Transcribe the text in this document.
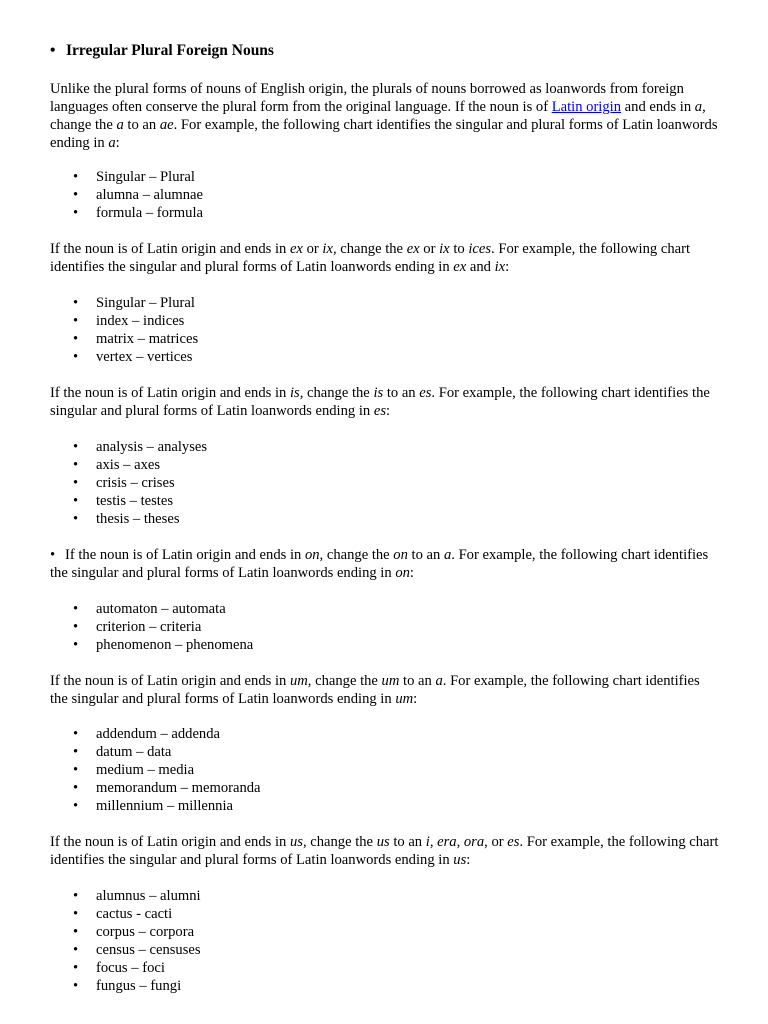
• Irregular Plural Foreign Nouns

Unlike the plural forms of nouns of English origin, the plurals of nouns borrowed as loanwords from foreign languages often conserve the plural form from the original language. If the noun is of Latin origin and ends in a, change the a to an ae. For example, the following chart identifies the singular and plural forms of Latin loanwords ending in a:

• Singular – Plural
• alumna – alumnae
• formula – formula

If the noun is of Latin origin and ends in ex or ix, change the ex or ix to ices. For example, the following chart identifies the singular and plural forms of Latin loanwords ending in ex and ix:

• Singular – Plural
• index – indices
• matrix – matrices
• vertex – vertices

If the noun is of Latin origin and ends in is, change the is to an es. For example, the following chart identifies the singular and plural forms of Latin loanwords ending in es:

• analysis – analyses
• axis – axes
• crisis – crises
• testis – testes
• thesis – theses

• If the noun is of Latin origin and ends in on, change the on to an a. For example, the following chart identifies the singular and plural forms of Latin loanwords ending in on:

• automaton – automata
• criterion – criteria
• phenomenon – phenomena

If the noun is of Latin origin and ends in um, change the um to an a. For example, the following chart identifies the singular and plural forms of Latin loanwords ending in um:

• addendum – addenda
• datum – data
• medium – media
• memorandum – memoranda
• millennium – millennia

If the noun is of Latin origin and ends in us, change the us to an i, era, ora, or es. For example, the following chart identifies the singular and plural forms of Latin loanwords ending in us:

• alumnus – alumni
• cactus - cacti
• corpus – corpora
• census – censuses
• focus – foci
• fungus – fungi
